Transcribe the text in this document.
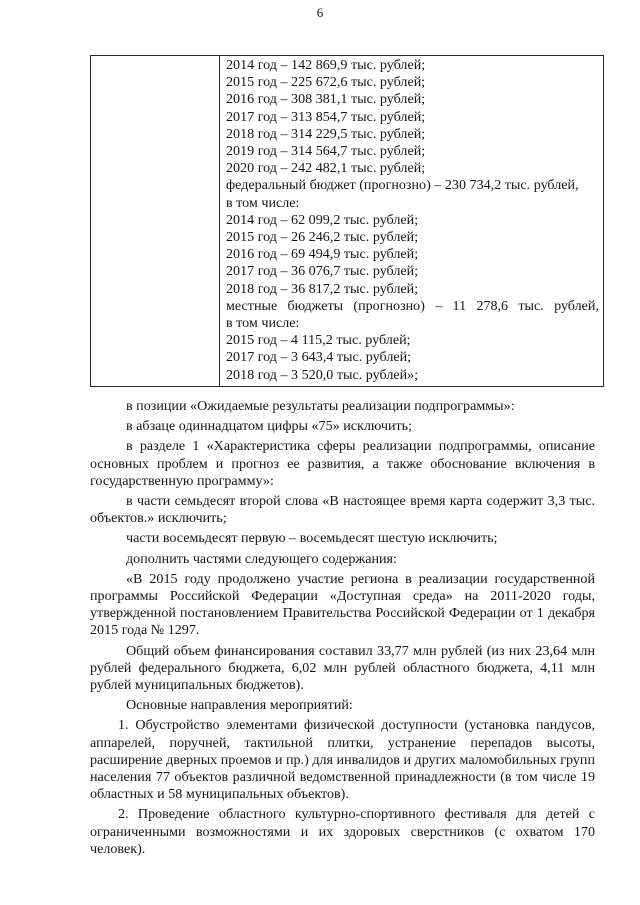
6

2014 год – 142 869,9 тыс. рублей;
2015 год – 225 672,6 тыс. рублей;
2016 год – 308 381,1 тыс. рублей;
2017 год – 313 854,7 тыс. рублей;
2018 год – 314 229,5 тыс. рублей;
2019 год – 314 564,7 тыс. рублей;
2020 год – 242 482,1 тыс. рублей;
федеральный бюджет (прогнозно) – 230 734,2 тыс. рублей,
в том числе:
2014 год – 62 099,2 тыс. рублей;
2015 год – 26 246,2 тыс. рублей;
2016 год – 69 494,9 тыс. рублей;
2017 год – 36 076,7 тыс. рублей;
2018 год – 36 817,2 тыс. рублей;
местные бюджеты (прогнозно) – 11 278,6 тыс. рублей,
в том числе:
2015 год – 4 115,2 тыс. рублей;
2017 год – 3 643,4 тыс. рублей;
2018 год – 3 520,0 тыс. рублей»;

в позиции «Ожидаемые результаты реализации подпрограммы»:

в абзаце одиннадцатом цифры «75» исключить;

в разделе 1 «Характеристика сферы реализации подпрограммы, описание основных проблем и прогноз ее развития, а также обоснование включения в государственную программу»:

в части семьдесят второй слова «В настоящее время карта содержит 3,3 тыс. объектов.» исключить;

части восемьдесят первую – восемьдесят шестую исключить;

дополнить частями следующего содержания:

«В 2015 году продолжено участие региона в реализации государственной программы Российской Федерации «Доступная среда» на 2011-2020 годы, утвержденной постановлением Правительства Российской Федерации от 1 декабря 2015 года № 1297.

Общий объем финансирования составил 33,77 млн рублей (из них 23,64 млн рублей федерального бюджета, 6,02 млн рублей областного бюджета, 4,11 млн рублей муниципальных бюджетов).

Основные направления мероприятий:

1. Обустройство элементами физической доступности (установка пандусов, аппарелей, поручней, тактильной плитки, устранение перепадов высоты, расширение дверных проемов и пр.) для инвалидов и других маломобильных групп населения 77 объектов различной ведомственной принадлежности (в том числе 19 областных и 58 муниципальных объектов).

2. Проведение областного культурно-спортивного фестиваля для детей с ограниченными возможностями и их здоровых сверстников (с охватом 170 человек).
